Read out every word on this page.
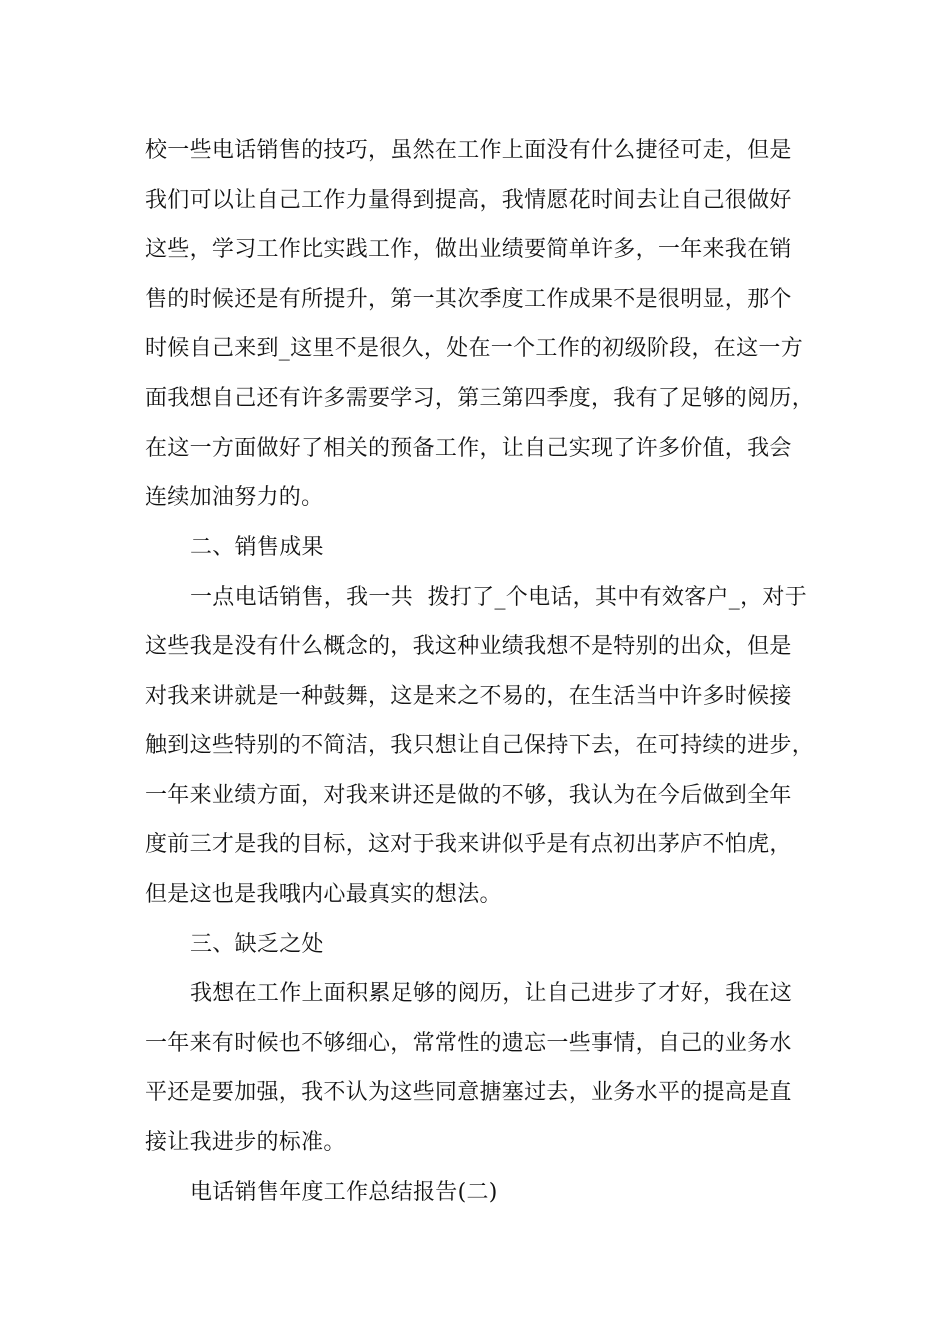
校一些电话销售的技巧，虽然在工作上面没有什么捷径可走，但是
我们可以让自己工作力量得到提高，我情愿花时间去让自己很做好
这些，学习工作比实践工作，做出业绩要简单许多，一年来我在销
售的时候还是有所提升，第一其次季度工作成果不是很明显，那个
时候自己来到_这里不是很久，处在一个工作的初级阶段，在这一方
面我想自己还有许多需要学习，第三第四季度，我有了足够的阅历，
在这一方面做好了相关的预备工作，让自己实现了许多价值，我会
连续加油努力的。
二、销售成果
一点电话销售，我一共  拨打了_个电话，其中有效客户_，对于
这些我是没有什么概念的，我这种业绩我想不是特别的出众，但是
对我来讲就是一种鼓舞，这是来之不易的，在生活当中许多时候接
触到这些特别的不简洁，我只想让自己保持下去，在可持续的进步，
一年来业绩方面，对我来讲还是做的不够，我认为在今后做到全年
度前三才是我的目标，这对于我来讲似乎是有点初出茅庐不怕虎，
但是这也是我哦内心最真实的想法。
三、缺乏之处
我想在工作上面积累足够的阅历，让自己进步了才好，我在这
一年来有时候也不够细心，常常性的遗忘一些事情，自己的业务水
平还是要加强，我不认为这些同意搪塞过去，业务水平的提高是直
接让我进步的标准。
电话销售年度工作总结报告(二)
